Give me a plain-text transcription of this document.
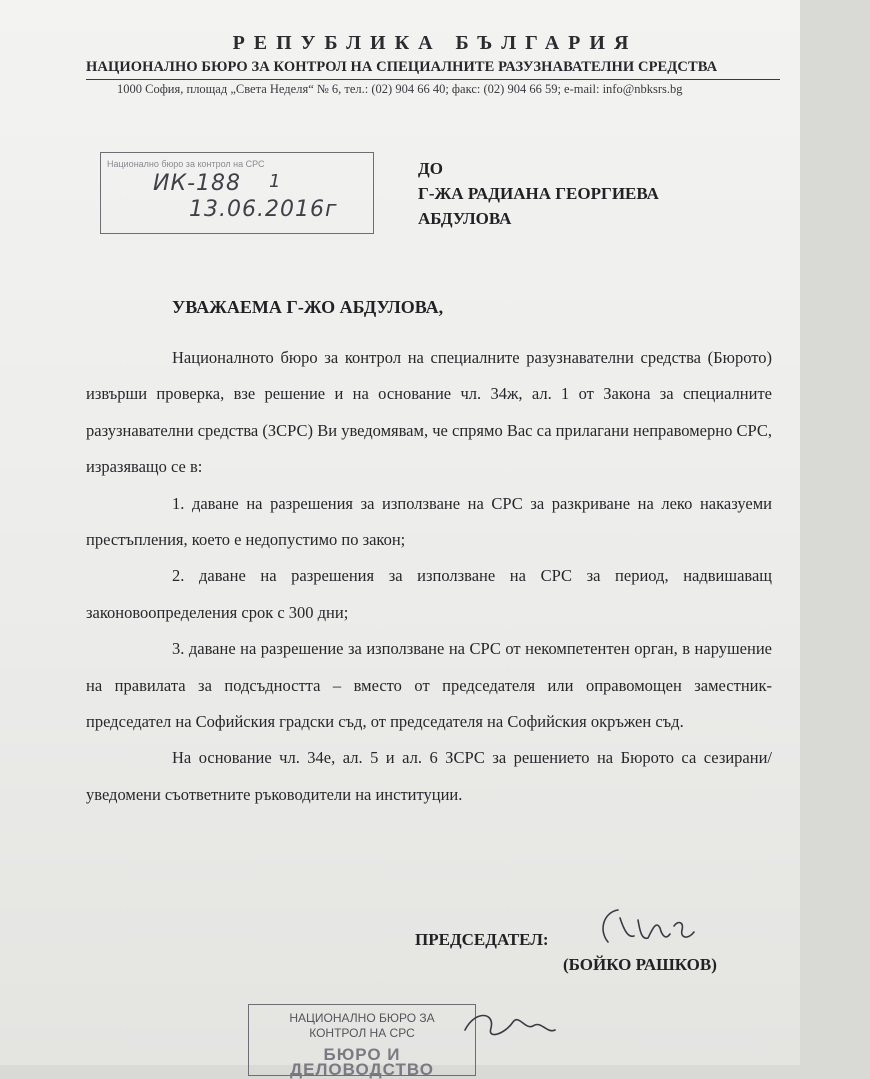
РЕПУБЛИКА БЪЛГАРИЯ
НАЦИОНАЛНО БЮРО ЗА КОНТРОЛ НА СПЕЦИАЛНИТЕ РАЗУЗНАВАТЕЛНИ СРЕДСТВА
1000 София, площад „Света Неделя“ № 6, тел.: (02) 904 66 40; факс: (02) 904 66 59; e-mail: info@nbksrs.bg
Национално бюро за контрол на СРС
ИК-188 1
13.06.2016г
ДО
Г-ЖА РАДИАНА ГЕОРГИЕВА
АБДУЛОВА
УВАЖАЕМА Г-ЖО АБДУЛОВА,

Националното бюро за контрол на специалните разузнавателни средства (Бюрото) извърши проверка, взе решение и на основание чл. 34ж, ал. 1 от Закона за специалните разузнавателни средства (ЗСРС) Ви уведомявам, че спрямо Вас са прилагани неправомерно СРС, изразяващо се в:

1. даване на разрешения за използване на СРС за разкриване на леко наказуеми престъпления, което е недопустимо по закон;

2. даване на разрешения за използване на СРС за период, надвишаващ законовоопределения срок с 300 дни;

3. даване на разрешение за използване на СРС от некомпетентен орган, в нарушение на правилата за подсъдността – вместо от председателя или оправомощен заместник-председател на Софийския градски съд, от председателя на Софийския окръжен съд.

На основание чл. 34е, ал. 5 и ал. 6 ЗСРС за решението на Бюрото са сезирани/уведомени съответните ръководители на институции.

ПРЕДСЕДАТЕЛ:
(БОЙКО РАШКОВ)
НАЦИОНАЛНО БЮРО ЗА
КОНТРОЛ НА СРС
БЮРО И ДЕЛОВОДСТВО
